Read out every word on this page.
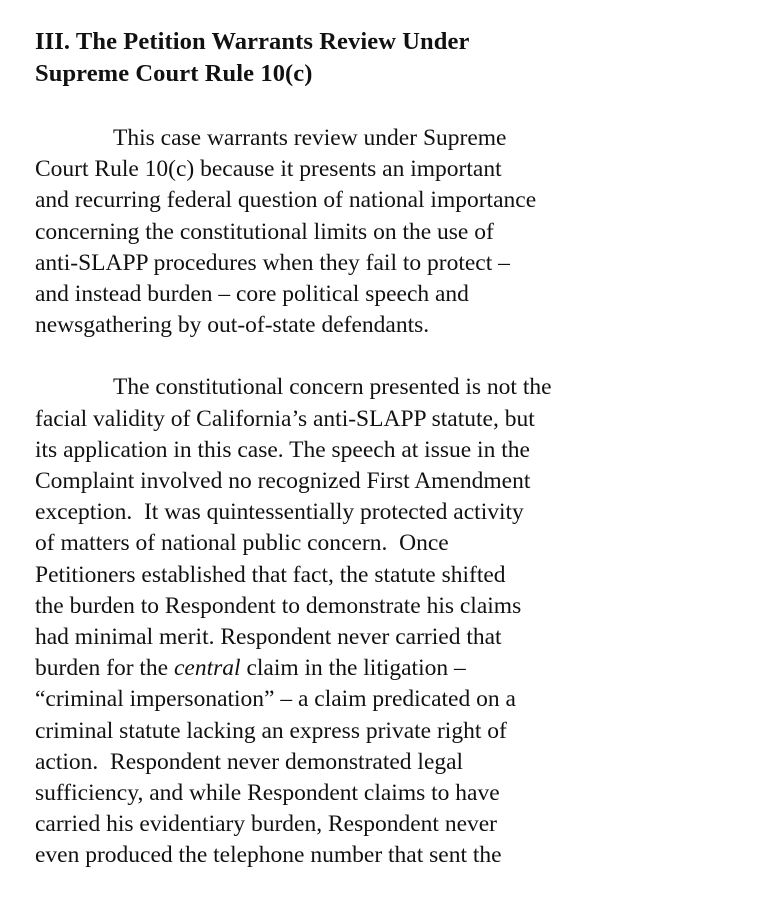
III. The Petition Warrants Review Under
Supreme Court Rule 10(c)

This case warrants review under Supreme
Court Rule 10(c) because it presents an important
and recurring federal question of national importance
concerning the constitutional limits on the use of
anti-SLAPP procedures when they fail to protect –
and instead burden – core political speech and
newsgathering by out-of-state defendants.

The constitutional concern presented is not the
facial validity of California’s anti-SLAPP statute, but
its application in this case. The speech at issue in the
Complaint involved no recognized First Amendment
exception.  It was quintessentially protected activity
of matters of national public concern.  Once
Petitioners established that fact, the statute shifted
the burden to Respondent to demonstrate his claims
had minimal merit. Respondent never carried that
burden for the central claim in the litigation –
“criminal impersonation” – a claim predicated on a
criminal statute lacking an express private right of
action.  Respondent never demonstrated legal
sufficiency, and while Respondent claims to have
carried his evidentiary burden, Respondent never
even produced the telephone number that sent the
